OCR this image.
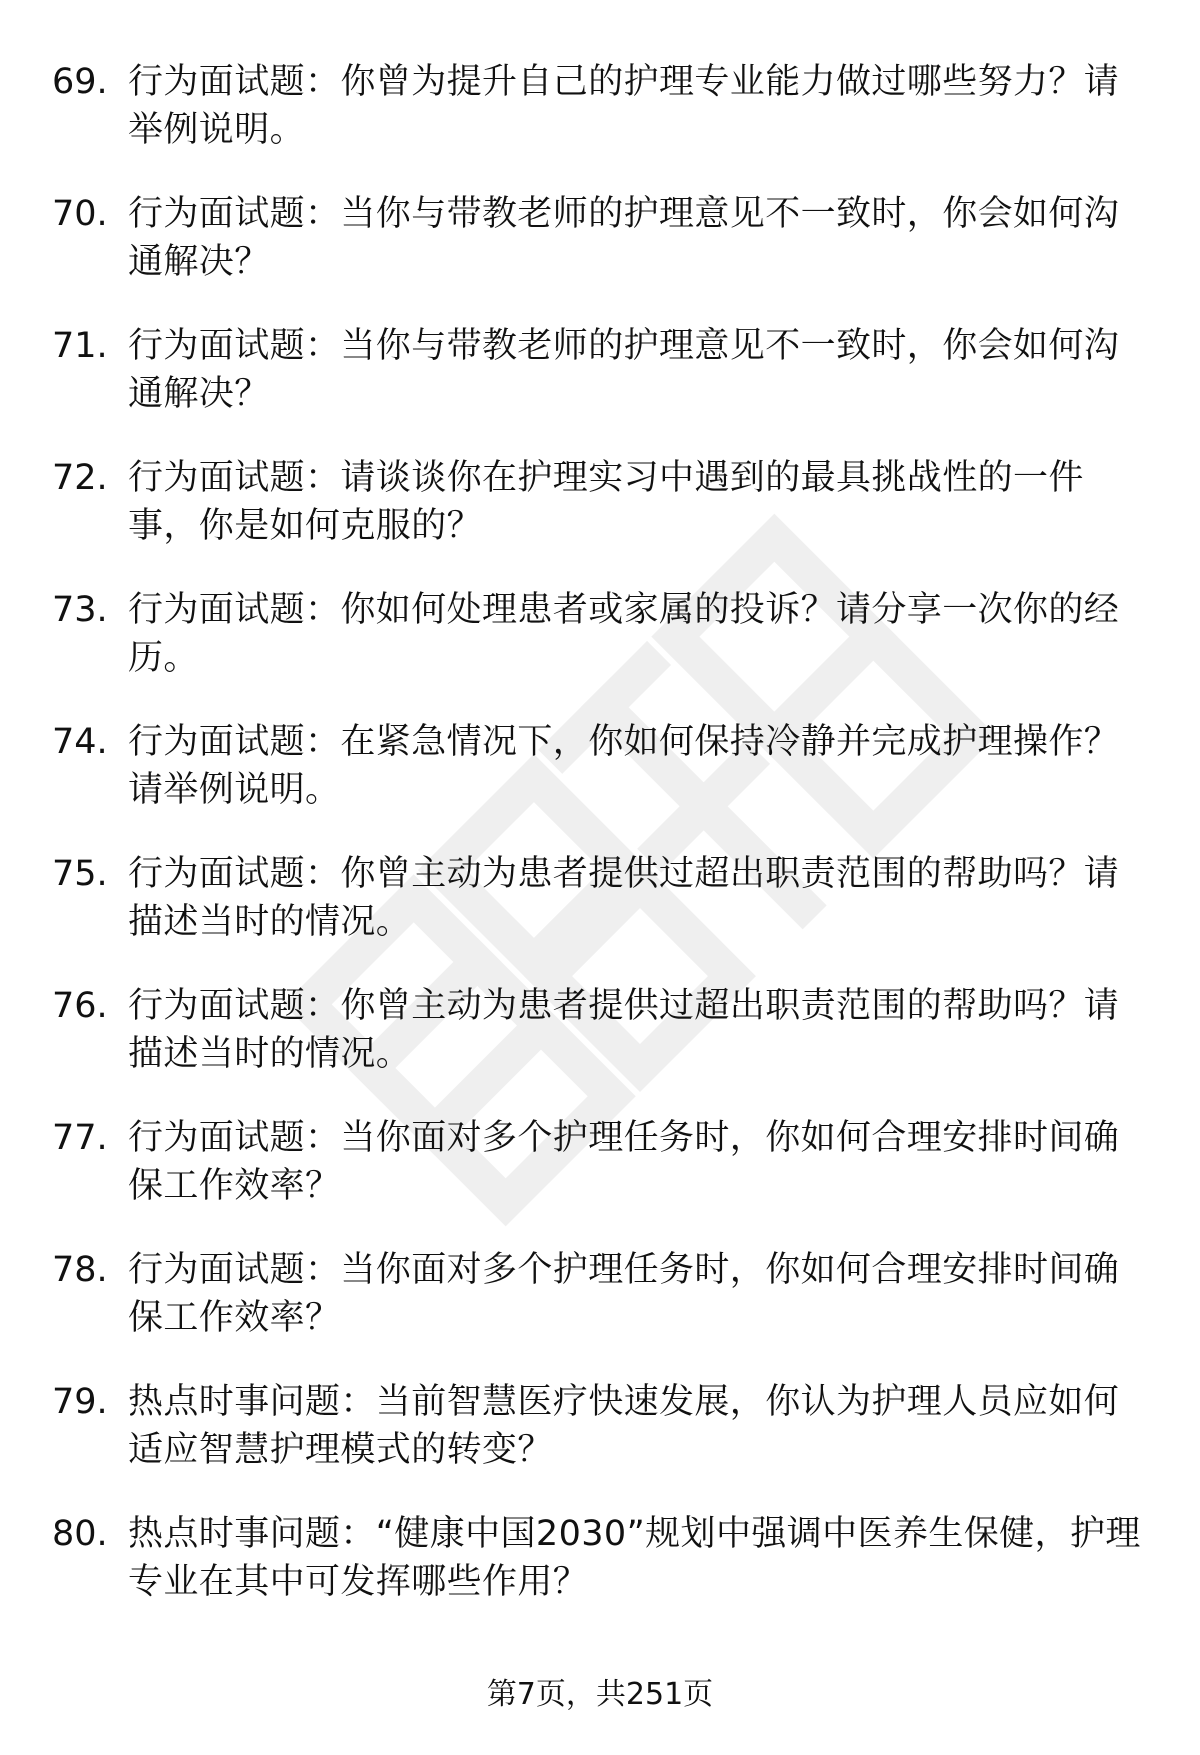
69. 行为面试题：你曾为提升自己的护理专业能力做过哪些努力？请举例说明。
70. 行为面试题：当你与带教老师的护理意见不一致时，你会如何沟通解决？
71. 行为面试题：当你与带教老师的护理意见不一致时，你会如何沟通解决？
72. 行为面试题：请谈谈你在护理实习中遇到的最具挑战性的一件事，你是如何克服的？
73. 行为面试题：你如何处理患者或家属的投诉？请分享一次你的经历。
74. 行为面试题：在紧急情况下，你如何保持冷静并完成护理操作？请举例说明。
75. 行为面试题：你曾主动为患者提供过超出职责范围的帮助吗？请描述当时的情况。
76. 行为面试题：你曾主动为患者提供过超出职责范围的帮助吗？请描述当时的情况。
77. 行为面试题：当你面对多个护理任务时，你如何合理安排时间确保工作效率？
78. 行为面试题：当你面对多个护理任务时，你如何合理安排时间确保工作效率？
79. 热点时事问题：当前智慧医疗快速发展，你认为护理人员应如何适应智慧护理模式的转变？
80. 热点时事问题：“健康中国2030”规划中强调中医养生保健，护理专业在其中可发挥哪些作用？
第7页，共251页
